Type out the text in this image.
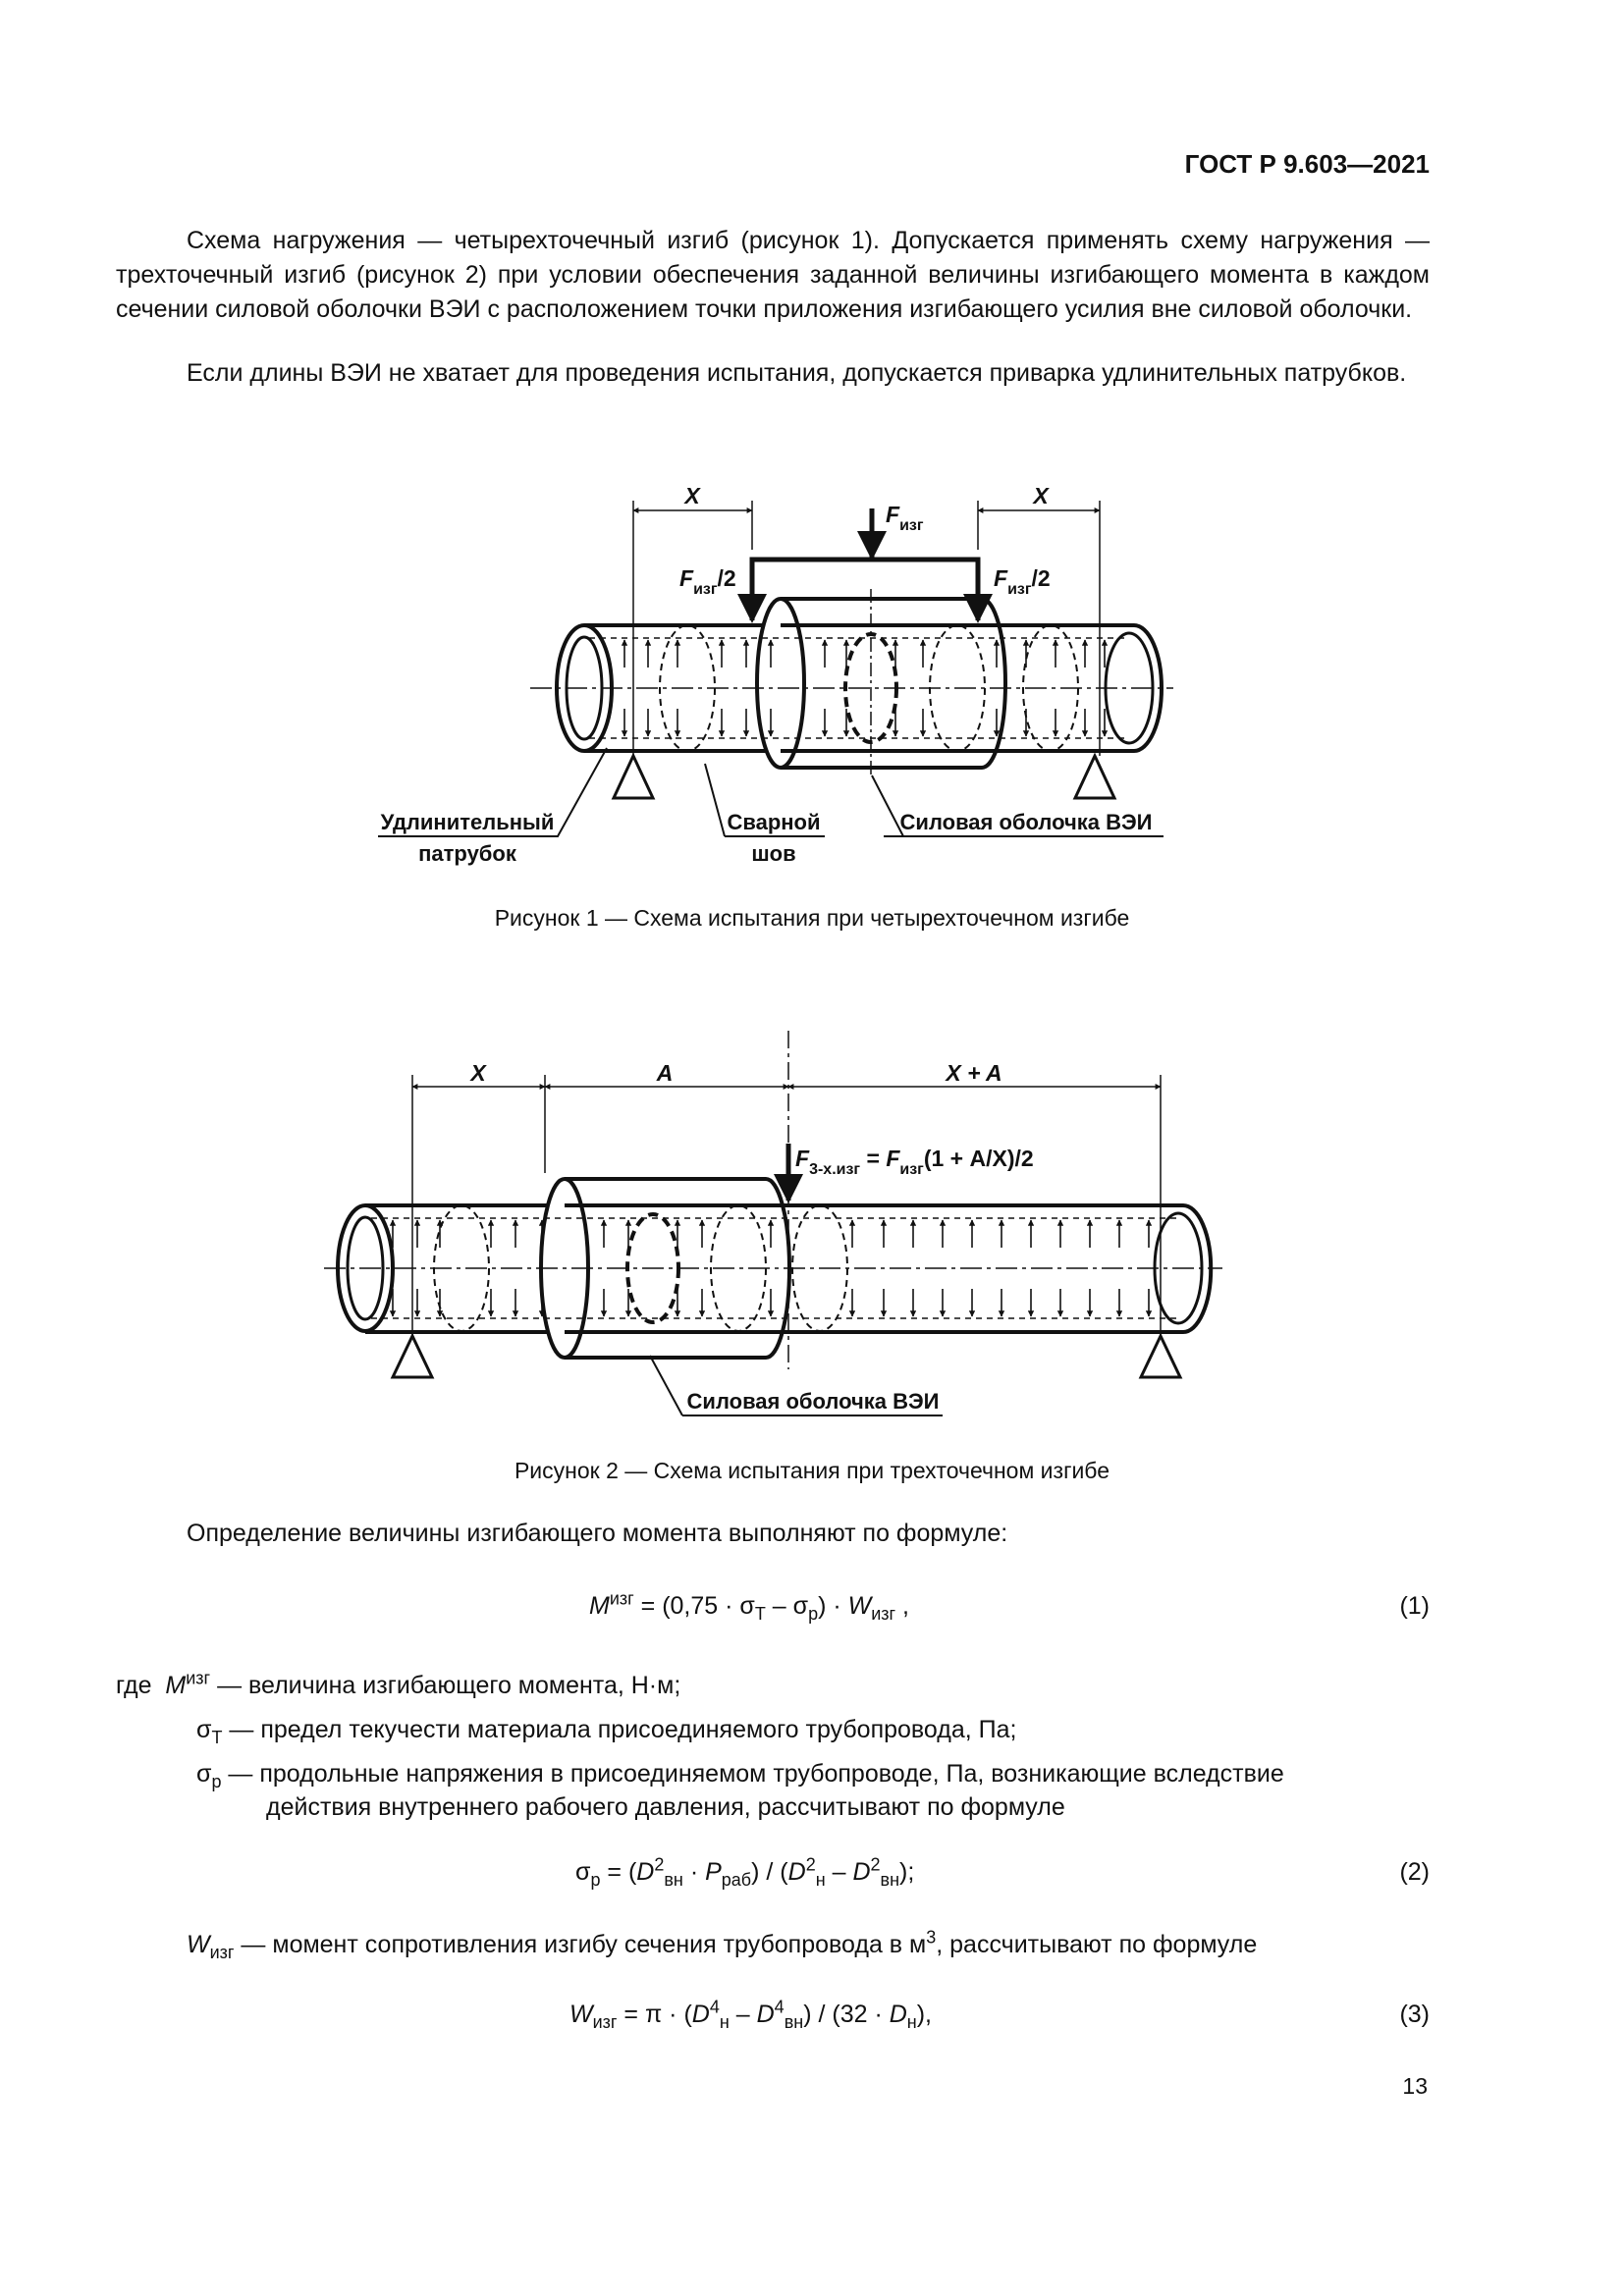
ГОСТ Р 9.603—2021
Схема нагружения — четырехточечный изгиб (рисунок 1). Допускается применять схему нагружения — трехточечный изгиб (рисунок 2) при условии обеспечения заданной величины изгибающего момента в каждом сечении силовой оболочки ВЭИ с расположением точки приложения изгибающего усилия вне силовой оболочки.
Если длины ВЭИ не хватает для проведения испытания, допускается приварка удлинительных патрубков.
X	X
$F_{изг}$
$F_{изг}/2$	$F_{изг}/2$
Удлинительный
патрубок
Сварной
шов
Силовая оболочка ВЭИ
Рисунок 1 — Схема испытания при четырехточечном изгибе
X	A	X + A
$F_{3-х.изг} = F_{изг}(1 + A/X)/2$
Силовая оболочка ВЭИ
Рисунок 2 — Схема испытания при трехточечном изгибе
Определение величины изгибающего момента выполняют по формуле:
$M^{изг} = (0,75 \cdot \sigma_Т - \sigma_р) \cdot W_{изг}$ ,	(1)
где $M^{изг}$ — величина изгибающего момента, Н·м;
$\sigma_Т$ — предел текучести материала присоединяемого трубопровода, Па;
$\sigma_р$ — продольные напряжения в присоединяемом трубопроводе, Па, возникающие вследствие
действия внутреннего рабочего давления, рассчитывают по формуле
$\sigma_р = (D^2_{вн} \cdot P_{раб}) / (D^2_н - D^2_{вн})$;	(2)
$W_{изг}$ — момент сопротивления изгибу сечения трубопровода в $м^3$, рассчитывают по формуле
$W_{изг} = \pi \cdot (D^4_н - D^4_{вн}) / (32 \cdot D_н)$,	(3)
13
